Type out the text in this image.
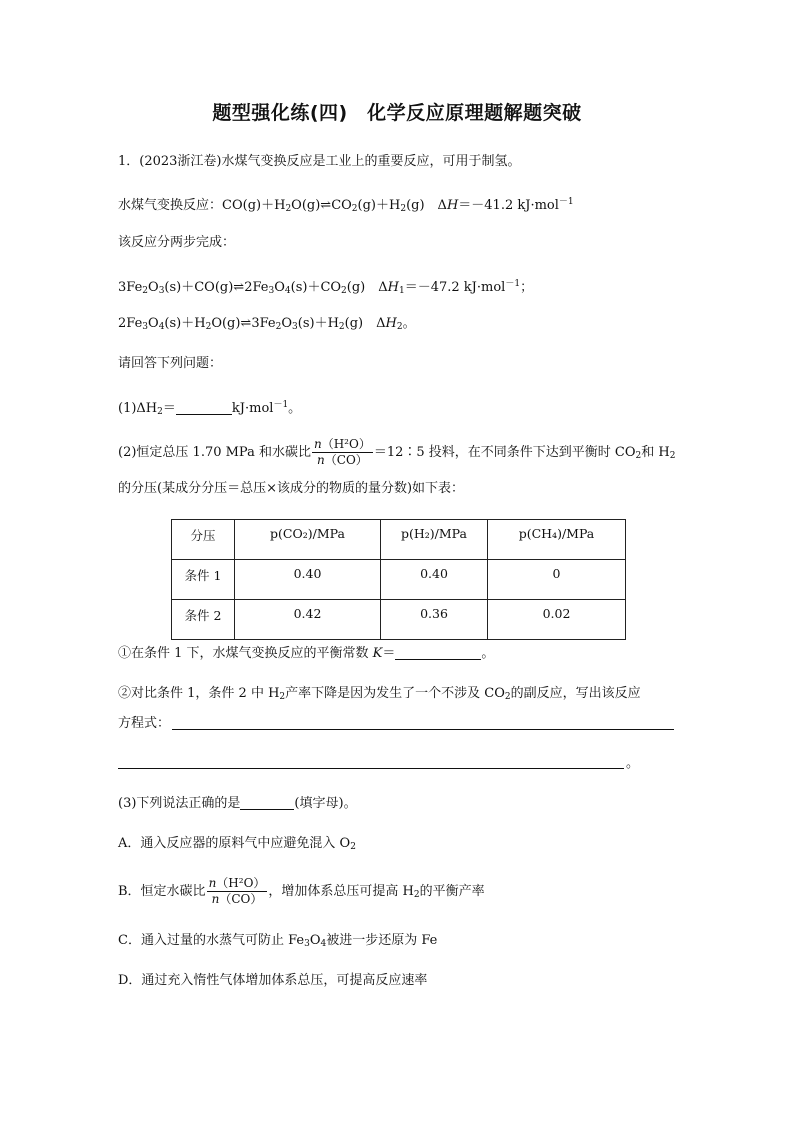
题型强化练(四)　化学反应原理题解题突破
1．(2023浙江卷)水煤气变换反应是工业上的重要反应，可用于制氢。
水煤气变换反应：$CO(g)+H_2O(g)\rightleftharpoons CO_2(g)+H_2(g)$　ΔH＝－41.2 kJ·mol$^{-1}$
该反应分两步完成：
$3Fe_2O_3(s)+CO(g)\rightleftharpoons 2Fe_3O_4(s)+CO_2(g)$　$\Delta H_1=-47.2$ kJ·mol$^{-1}$；
$2Fe_3O_4(s)+H_2O(g)\rightleftharpoons 3Fe_2O_3(s)+H_2(g)$　$\Delta H_2$。
请回答下列问题：
$(1)\Delta H_2=$	kJ·mol$^{-1}$。
(2)恒定总压 1.70 MPa 和水碳比 $\frac{\text{n（H²O）}}{n(CO)}$ ＝12∶5 投料，在不同条件下达到平衡时 $CO_2$和 $H_2$
的分压(某成分分压＝总压×该成分的物质的量分数)如下表：
分压	p(CO₂)/MPa	p(H₂)/MPa	p(CH₄)/MPa
条件 1	0.40	0.40	0
条件 2	0.42	0.36	0.02
①在条件 1 下，水煤气变换反应的平衡常数 K＝	。
②对比条件 1，条件 2 中 $H_2$产率下降是因为发生了一个不涉及 $CO_2$的副反应，写出该反应
方程式：
。
(3)下列说法正确的是	(填字母)。
A．通入反应器的原料气中应避免混入 $O_2$
B．恒定水碳比 $\frac{\text{n（H²O）}}{n(CO)}$ ，增加体系总压可提高 $H_2$的平衡产率
C．通入过量的水蒸气可防止 $Fe_3O_4$被进一步还原为 Fe
D．通过充入惰性气体增加体系总压，可提高反应速率
